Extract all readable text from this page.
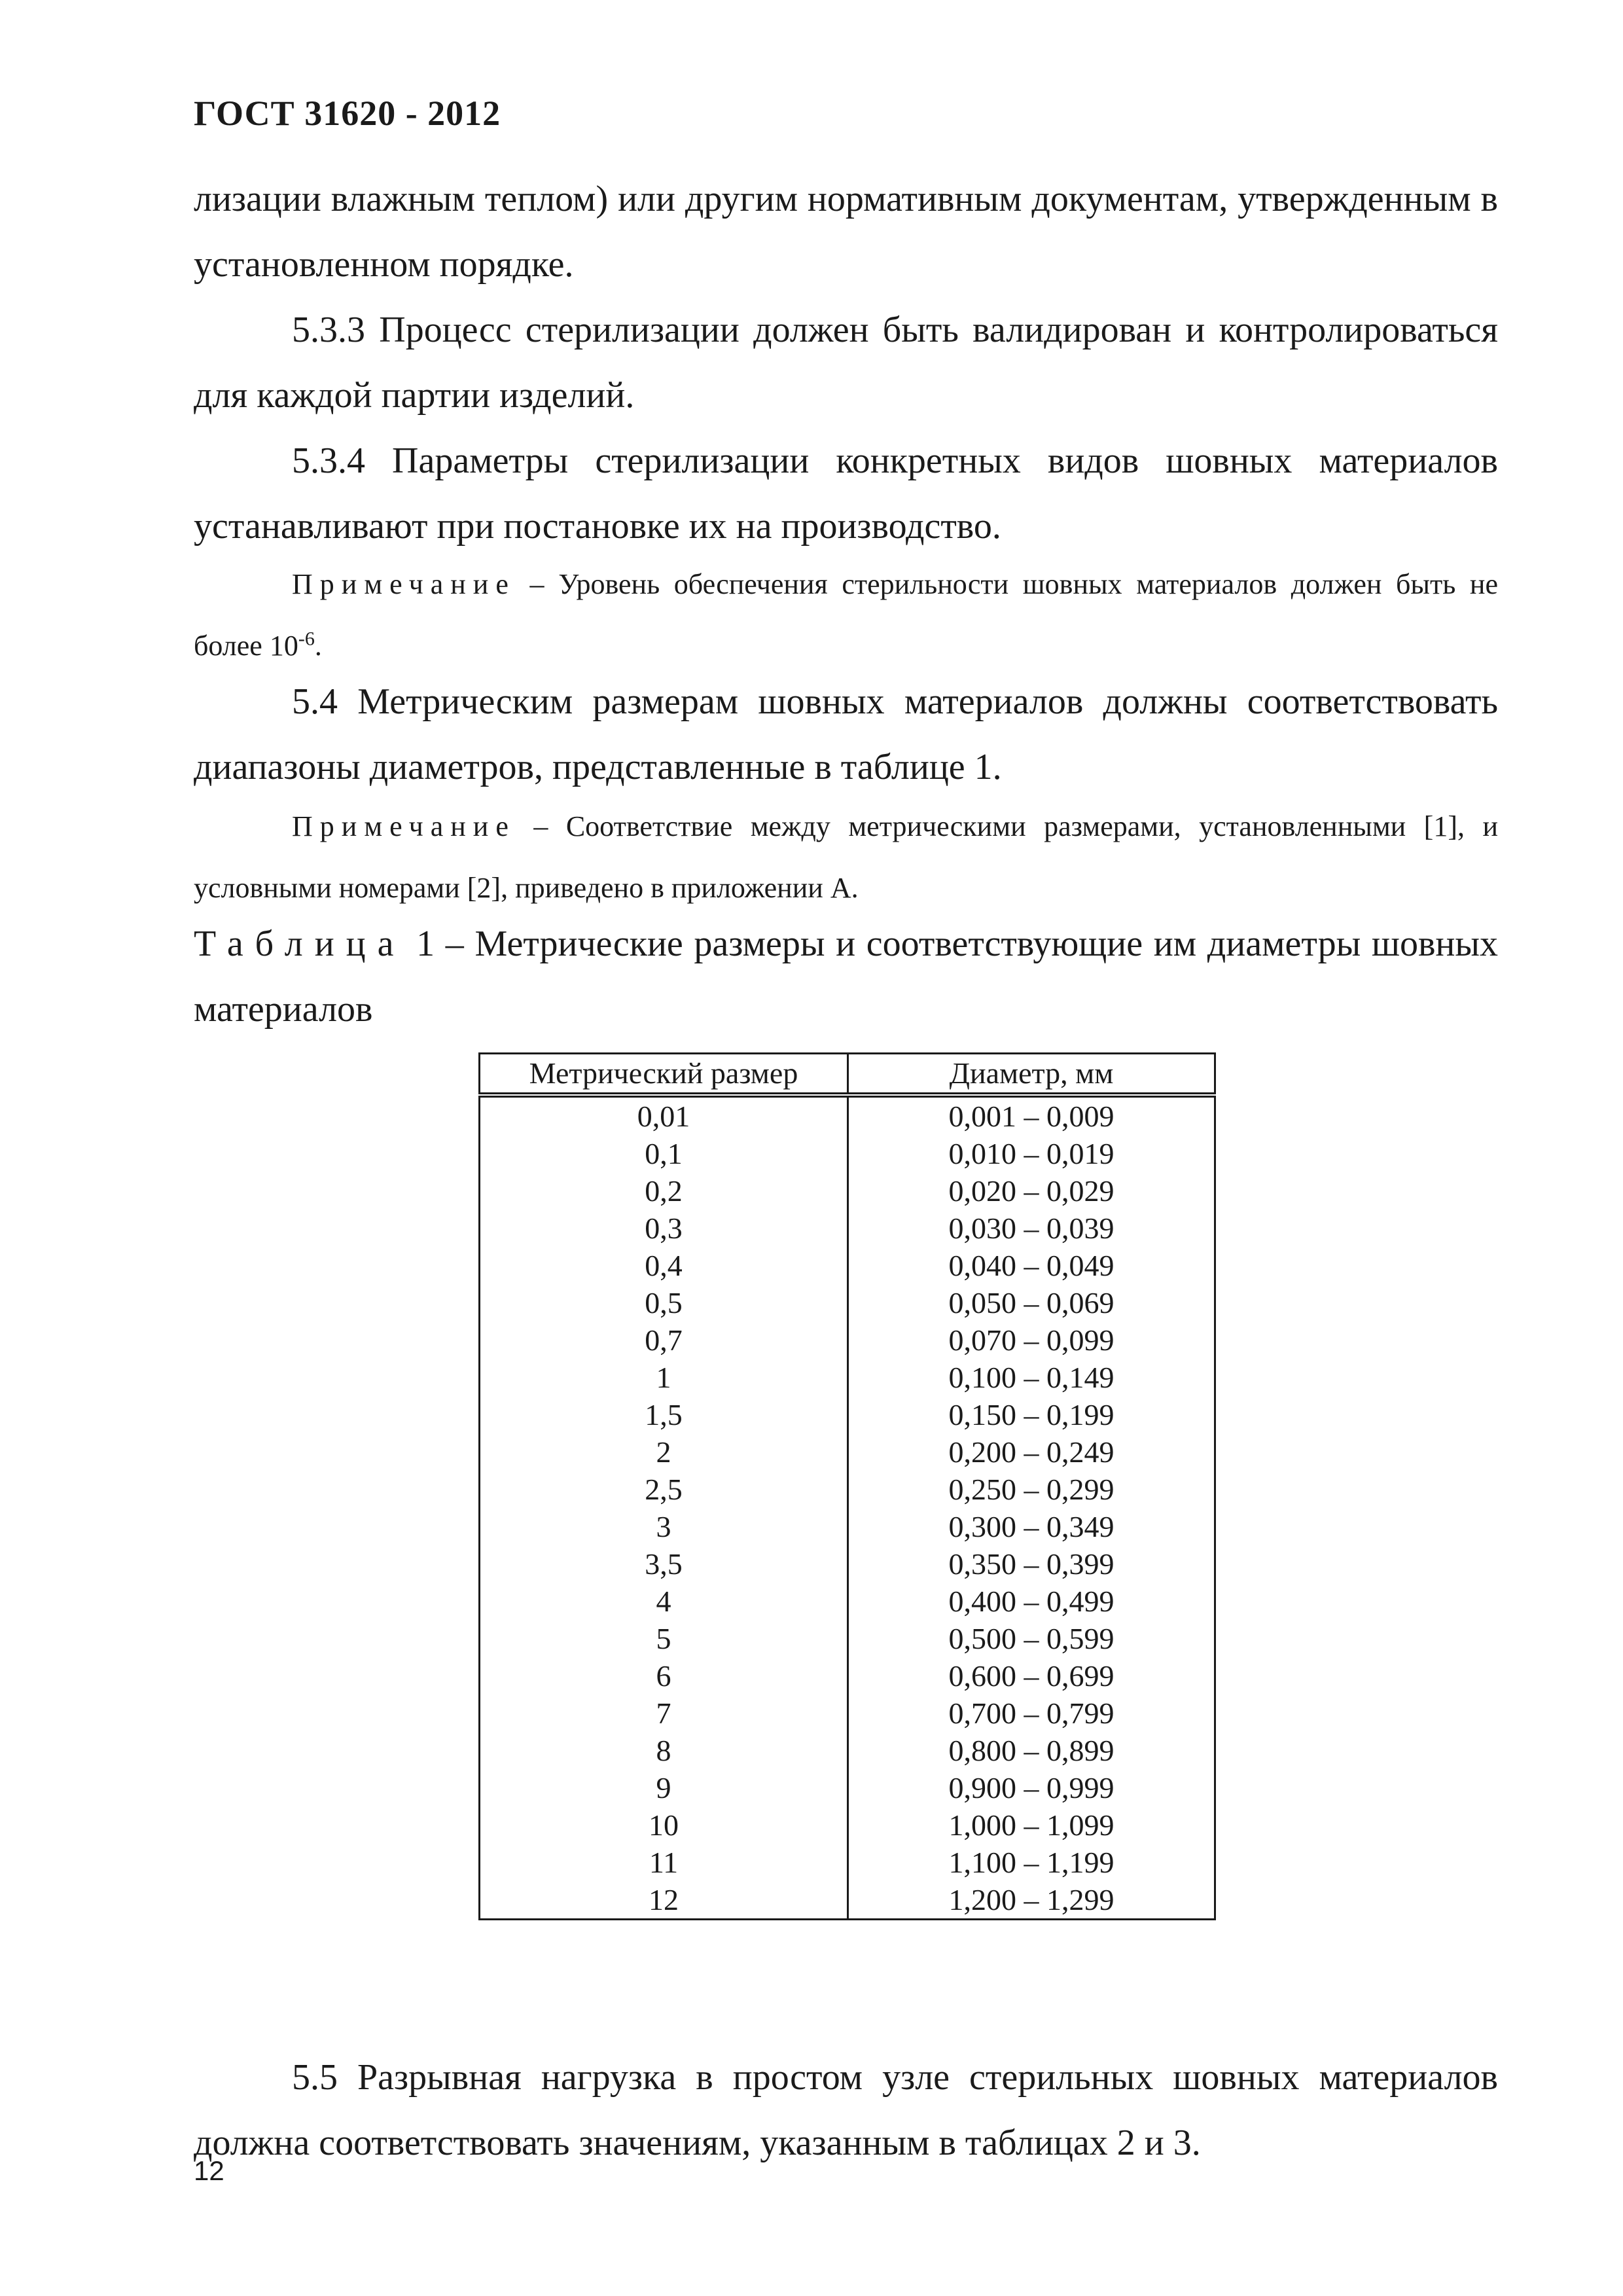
ГОСТ 31620 - 2012

лизации влажным теплом) или другим нормативным документам, утвержденным в установленном порядке.

5.3.3 Процесс стерилизации должен быть валидирован и контролироваться для каждой партии изделий.

5.3.4 Параметры стерилизации конкретных видов шовных материалов устанавливают при постановке их на производство.

Примечание – Уровень обеспечения стерильности шовных материалов должен быть не более $10^{-6}$.

5.4 Метрическим размерам шовных материалов должны соответствовать диапазоны диаметров, представленные в таблице 1.

Примечание – Соответствие между метрическими размерами, установленными [1], и условными номерами [2], приведено в приложении А.

Таблица 1 – Метрические размеры и соответствующие им диаметры шовных материалов

Метрический размер	Диаметр, мм
0,01	0,001 – 0,009
0,1	0,010 – 0,019
0,2	0,020 – 0,029
0,3	0,030 – 0,039
0,4	0,040 – 0,049
0,5	0,050 – 0,069
0,7	0,070 – 0,099
1	0,100 – 0,149
1,5	0,150 – 0,199
2	0,200 – 0,249
2,5	0,250 – 0,299
3	0,300 – 0,349
3,5	0,350 – 0,399
4	0,400 – 0,499
5	0,500 – 0,599
6	0,600 – 0,699
7	0,700 – 0,799
8	0,800 – 0,899
9	0,900 – 0,999
10	1,000 – 1,099
11	1,100 – 1,199
12	1,200 – 1,299

5.5 Разрывная нагрузка в простом узле стерильных шовных материалов должна соответствовать значениям, указанным в таблицах 2 и 3.

12
